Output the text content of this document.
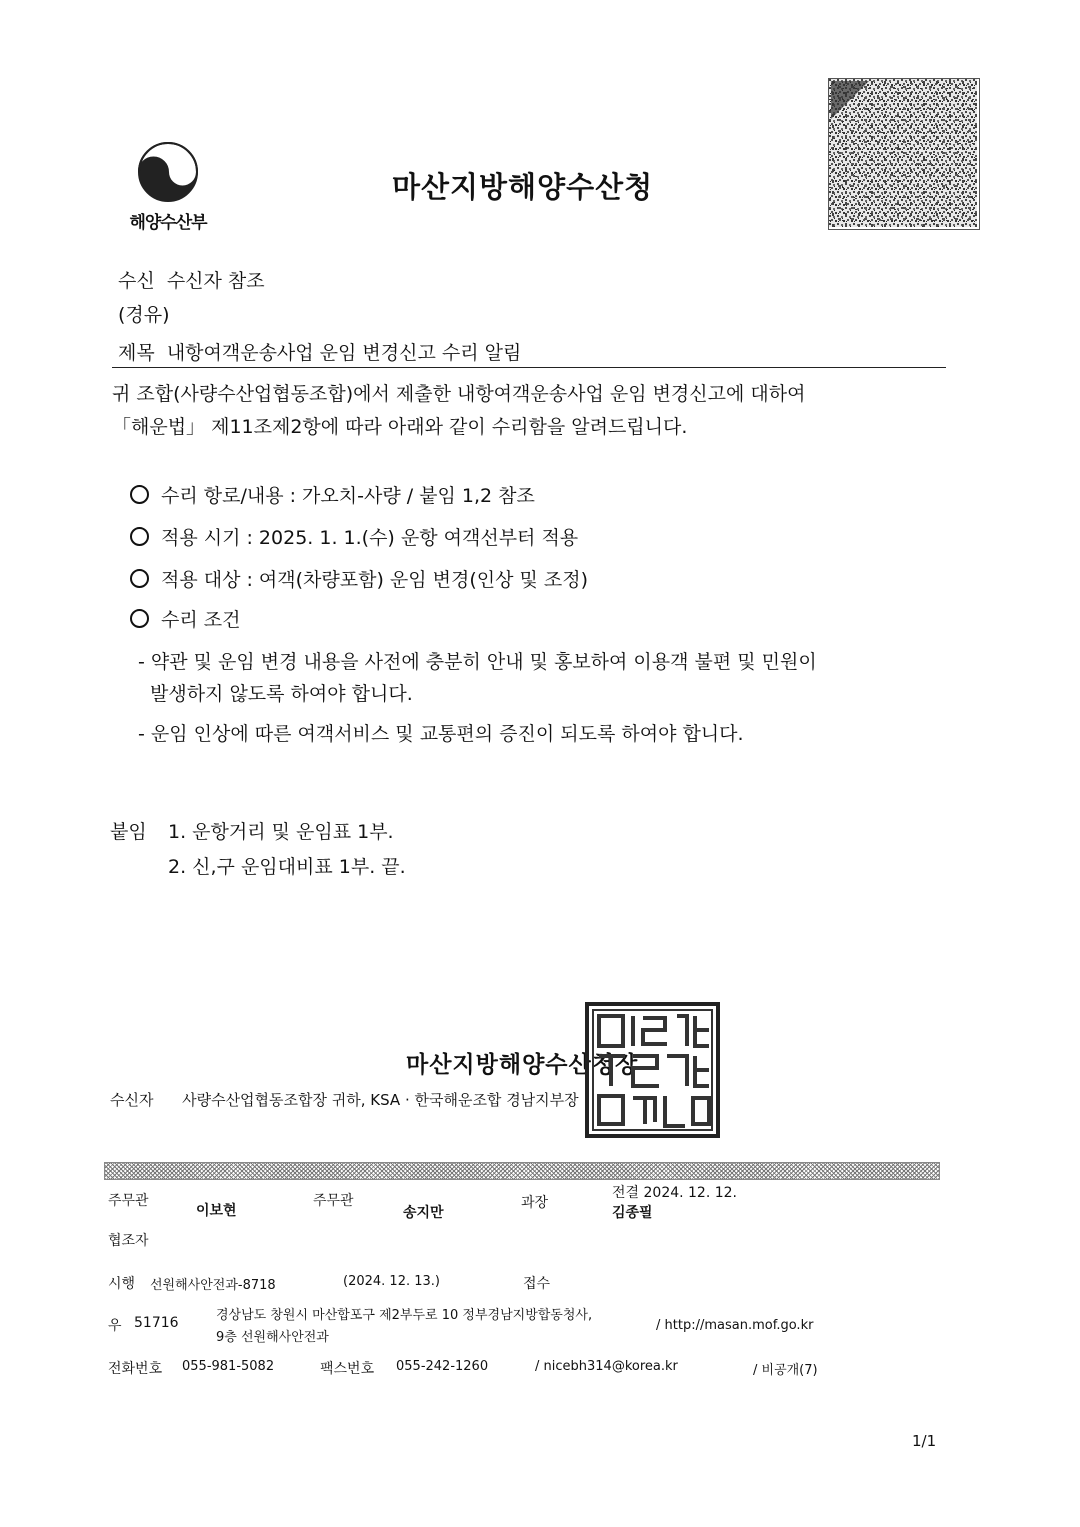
해양수산부
마산지방해양수산청
수신 수신자 참조
(경유)
제목 내항여객운송사업 운임 변경신고 수리 알림
귀 조합(사량수산업협동조합)에서 제출한 내항여객운송사업 운임 변경신고에 대하여
「해운법」 제11조제2항에 따라 아래와 같이 수리함을 알려드립니다.
수리 항로/내용 : 가오치-사량 / 붙임 1,2 참조
적용 시기 : 2025. 1. 1.(수) 운항 여객선부터 적용
적용 대상 : 여객(차량포함) 운임 변경(인상 및 조정)
수리 조건
- 약관 및 운임 변경 내용을 사전에 충분히 안내 및 홍보하여 이용객 불편 및 민원이
발생하지 않도록 하여야 합니다.
- 운임 인상에 따른 여객서비스 및 교통편의 증진이 되도록 하여야 합니다.
붙임 1. 운항거리 및 운임표 1부.
2. 신,구 운임대비표 1부. 끝.
마산지방해양수산청장
수신자 사량수산업협동조합장 귀하, KSA · 한국해운조합 경남지부장
주무관
이보현
주무관
송지만
과장
전결 2024. 12. 12.
김종필
협조자
시행 선원해사안전과-8718	(2024. 12. 13.)	접수
우 51716	경상남도 창원시 마산합포구 제2부두로 10 정부경남지방합동청사,
9층 선원해사안전과
/ http://masan.mof.go.kr
전화번호 055-981-5082	팩스번호 055-242-1260	/ nicebh314@korea.kr	/ 비공개(7)
1/1
